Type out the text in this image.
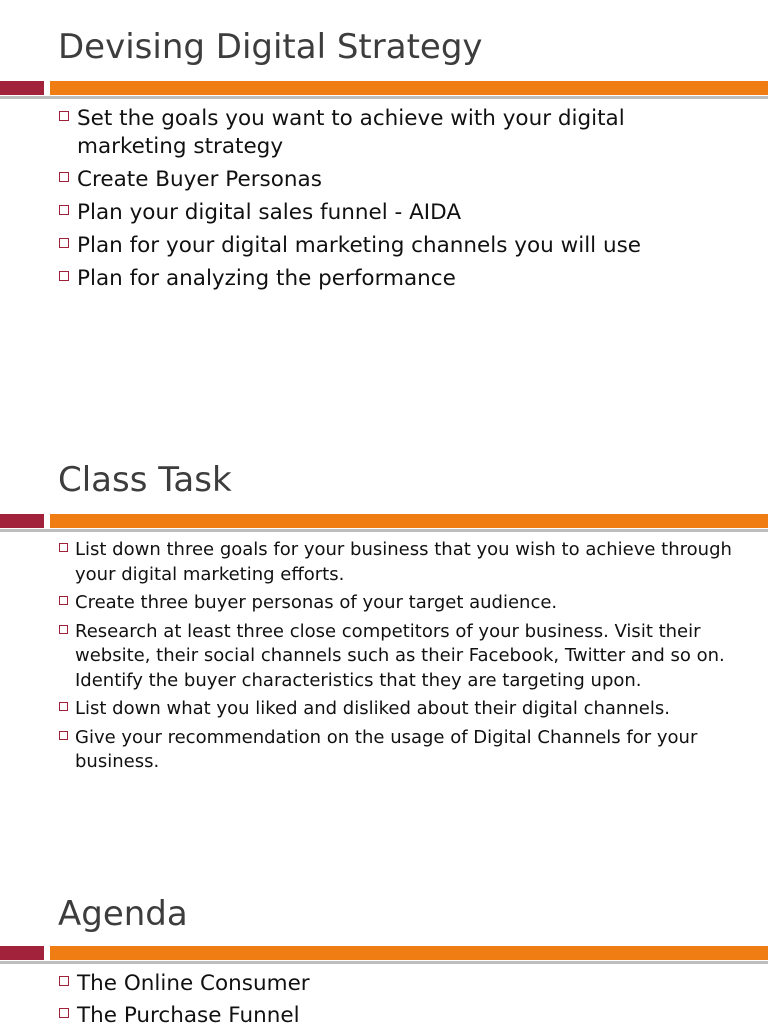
Devising Digital Strategy
Set the goals you want to achieve with your digital marketing strategy
Create Buyer Personas
Plan your digital sales funnel - AIDA
Plan for your digital marketing channels you will use
Plan for analyzing the performance
Class Task
List down three goals for your business that you wish to achieve through your digital marketing efforts.
Create three buyer personas of your target audience.
Research at least three close competitors of your business. Visit their website, their social channels such as their Facebook, Twitter and so on. Identify the buyer characteristics that they are targeting upon.
List down what you liked and disliked about their digital channels.
Give your recommendation on the usage of Digital Channels for your business.
Agenda
The Online Consumer
The Purchase Funnel
